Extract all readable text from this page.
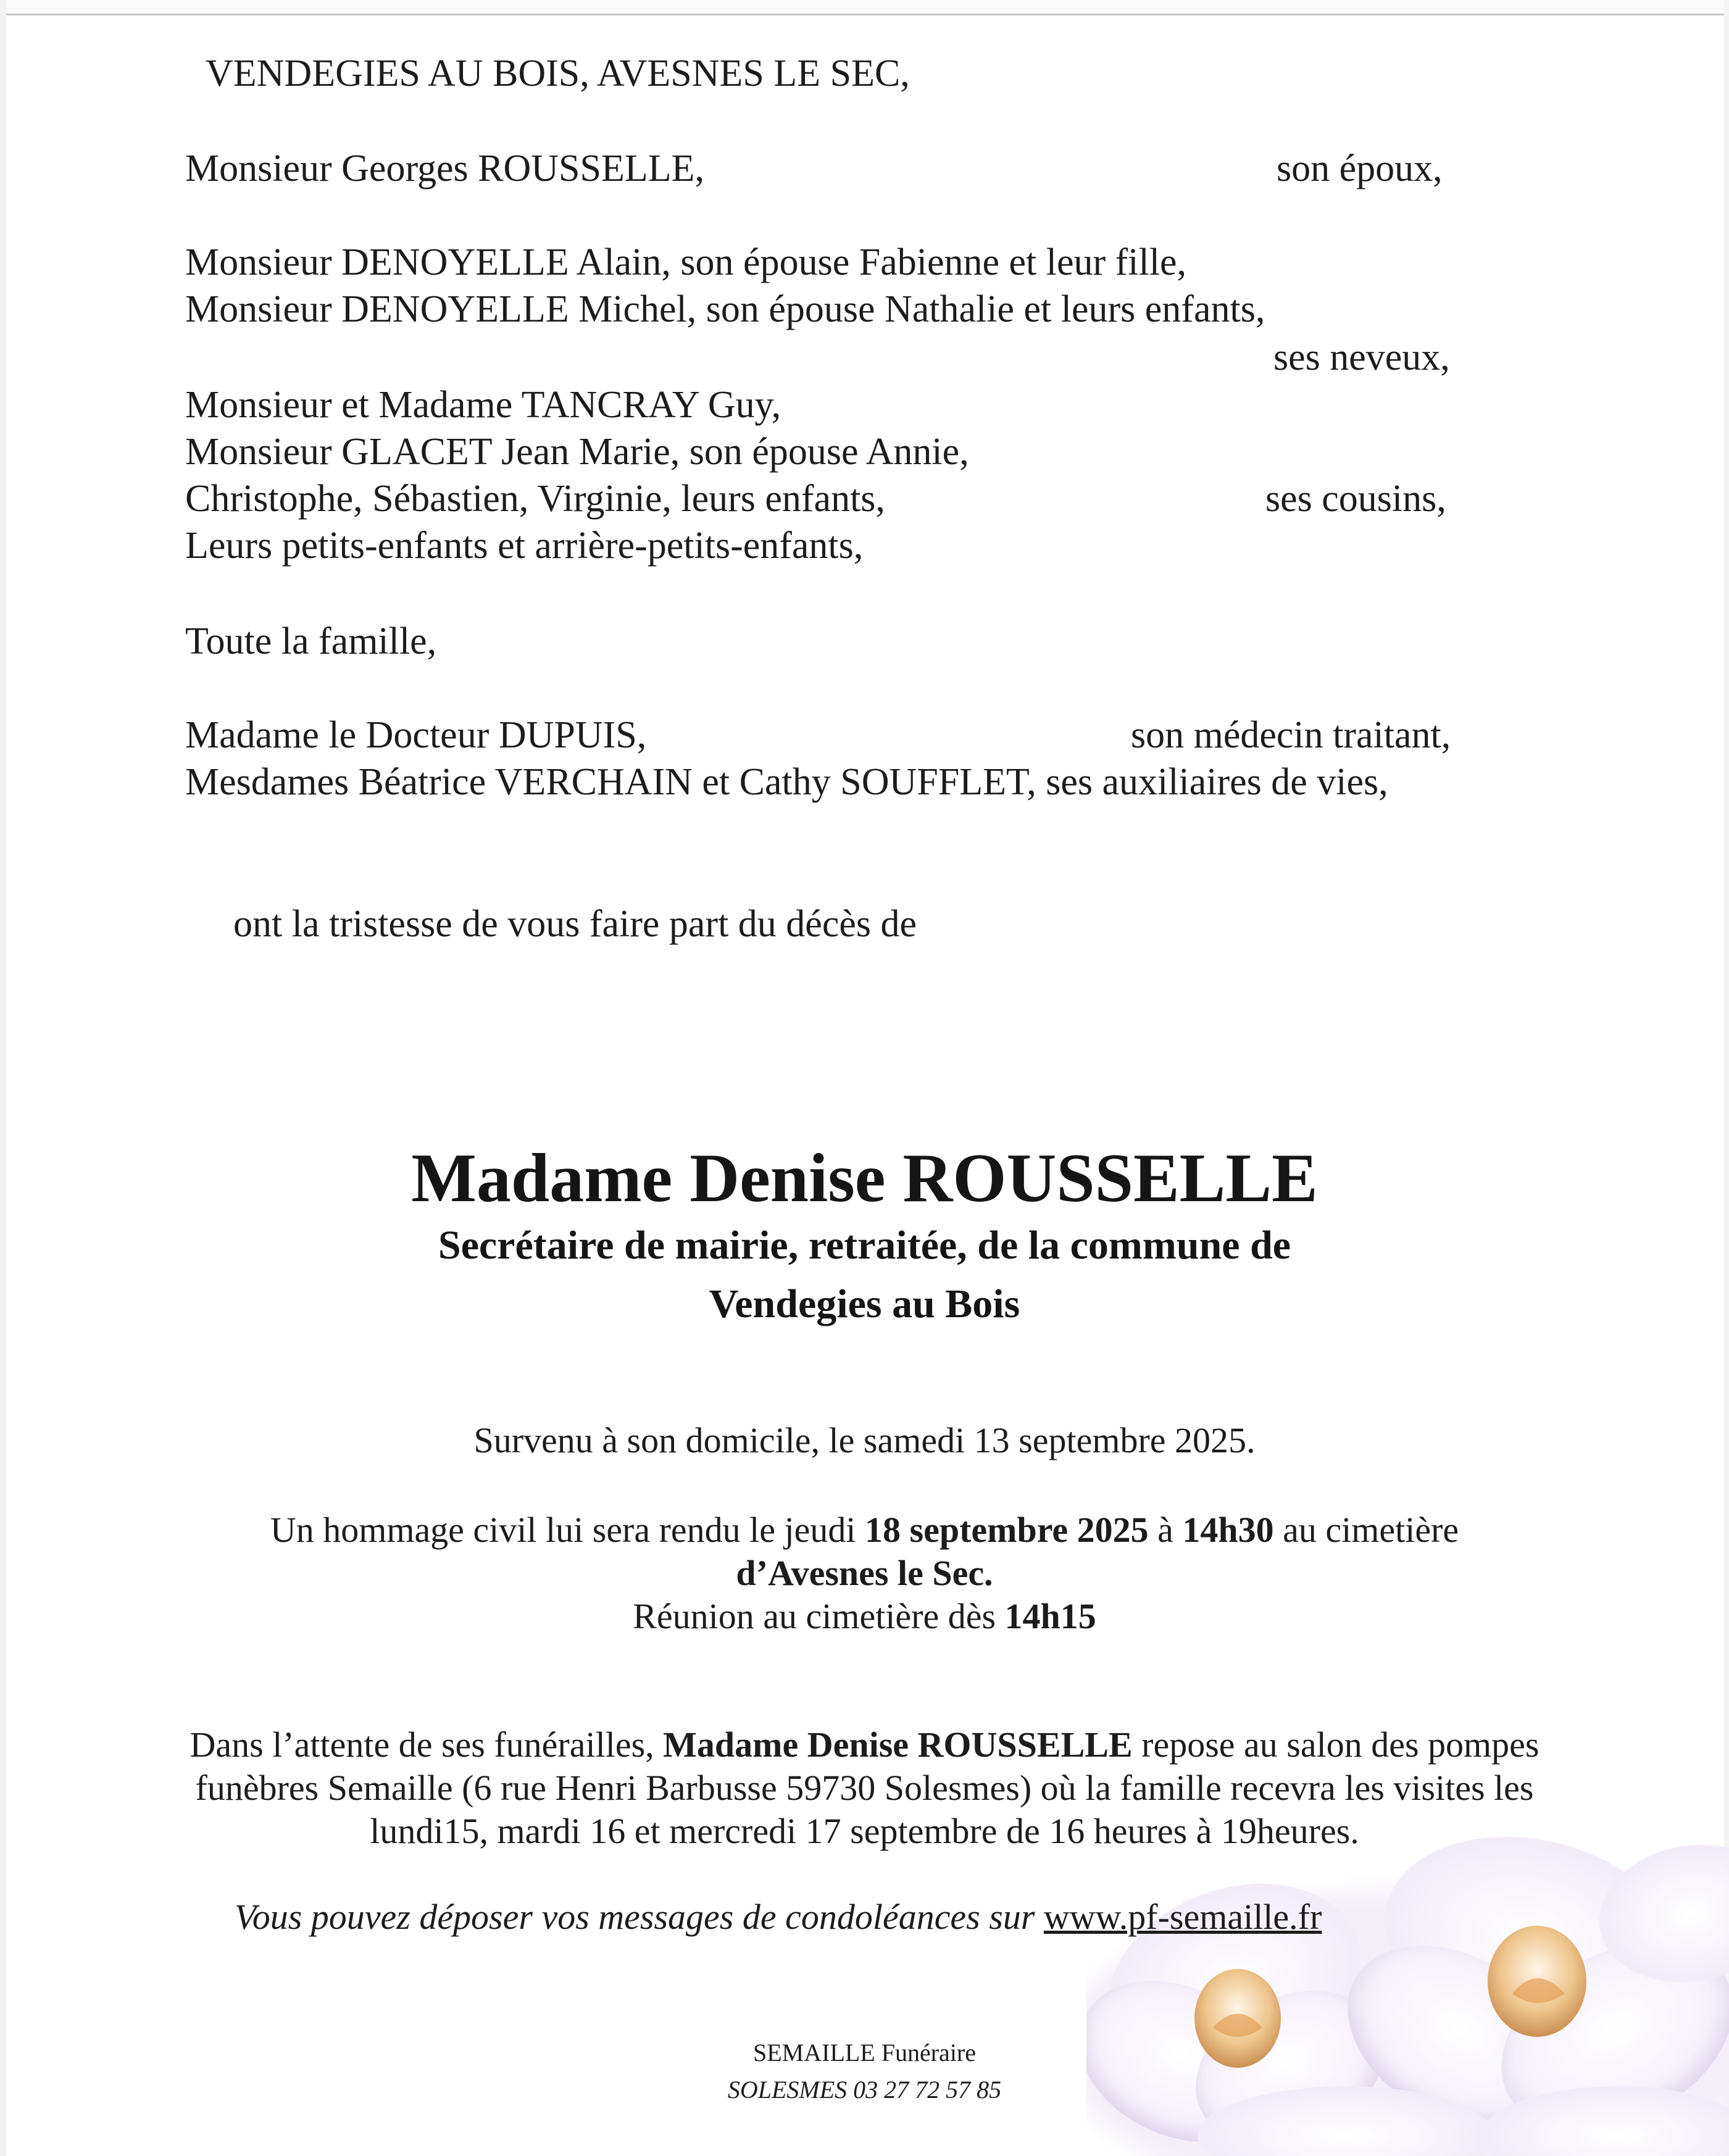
VENDEGIES AU BOIS, AVESNES LE SEC,
Monsieur Georges ROUSSELLE,	son époux,
Monsieur DENOYELLE Alain, son épouse Fabienne et leur fille,
Monsieur DENOYELLE Michel, son épouse Nathalie et leurs enfants,
ses neveux,
Monsieur et Madame TANCRAY Guy,
Monsieur GLACET Jean Marie, son épouse Annie,
Christophe, Sébastien, Virginie, leurs enfants,	ses cousins,
Leurs petits-enfants et arrière-petits-enfants,
Toute la famille,
Madame le Docteur DUPUIS,	son médecin traitant,
Mesdames Béatrice VERCHAIN et Cathy SOUFFLET, ses auxiliaires de vies,
ont la tristesse de vous faire part du décès de
Madame Denise ROUSSELLE
Secrétaire de mairie, retraitée, de la commune de
Vendegies au Bois
Survenu à son domicile, le samedi 13 septembre 2025.
Un hommage civil lui sera rendu le jeudi 18 septembre 2025 à 14h30 au cimetière
d’Avesnes le Sec.
Réunion au cimetière dès 14h15
Dans l’attente de ses funérailles, Madame Denise ROUSSELLE repose au salon des pompes
funèbres Semaille (6 rue Henri Barbusse 59730 Solesmes) où la famille recevra les visites les
lundi15, mardi 16 et mercredi 17 septembre de 16 heures à 19heures.
Vous pouvez déposer vos messages de condoléances sur www.pf-semaille.fr
SEMAILLE Funéraire
SOLESMES 03 27 72 57 85
